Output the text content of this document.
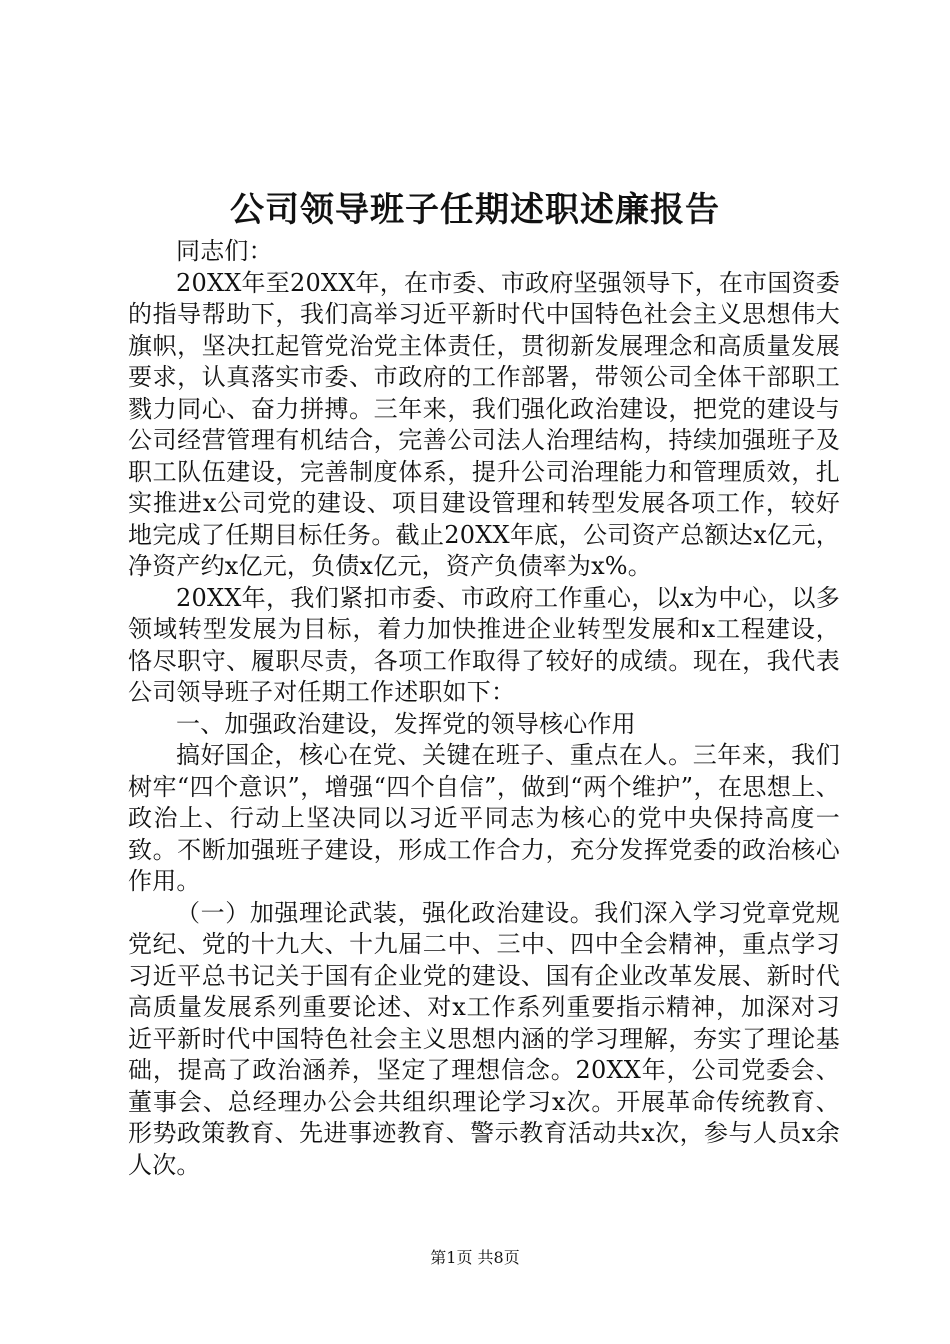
公司领导班子任期述职述廉报告

同志们：

20XX年至20XX年，在市委、市政府坚强领导下，在市国资委的指导帮助下，我们高举习近平新时代中国特色社会主义思想伟大旗帜，坚决扛起管党治党主体责任，贯彻新发展理念和高质量发展要求，认真落实市委、市政府的工作部署，带领公司全体干部职工戮力同心、奋力拼搏。三年来，我们强化政治建设，把党的建设与公司经营管理有机结合，完善公司法人治理结构，持续加强班子及职工队伍建设，完善制度体系，提升公司治理能力和管理质效，扎实推进x公司党的建设、项目建设管理和转型发展各项工作，较好地完成了任期目标任务。截止20XX年底，公司资产总额达x亿元，净资产约x亿元，负债x亿元，资产负债率为x%。

20XX年，我们紧扣市委、市政府工作重心，以x为中心，以多领域转型发展为目标，着力加快推进企业转型发展和x工程建设，恪尽职守、履职尽责，各项工作取得了较好的成绩。现在，我代表公司领导班子对任期工作述职如下：

一、加强政治建设，发挥党的领导核心作用

搞好国企，核心在党、关键在班子、重点在人。三年来，我们树牢“四个意识”，增强“四个自信”，做到“两个维护”，在思想上、政治上、行动上坚决同以习近平同志为核心的党中央保持高度一致。不断加强班子建设，形成工作合力，充分发挥党委的政治核心作用。

（一）加强理论武装，强化政治建设。我们深入学习党章党规党纪、党的十九大、十九届二中、三中、四中全会精神，重点学习习近平总书记关于国有企业党的建设、国有企业改革发展、新时代高质量发展系列重要论述、对x工作系列重要指示精神，加深对习近平新时代中国特色社会主义思想内涵的学习理解，夯实了理论基础，提高了政治涵养，坚定了理想信念。20XX年，公司党委会、董事会、总经理办公会共组织理论学习x次。开展革命传统教育、形势政策教育、先进事迹教育、警示教育活动共x次，参与人员x余人次。

第1页 共8页
